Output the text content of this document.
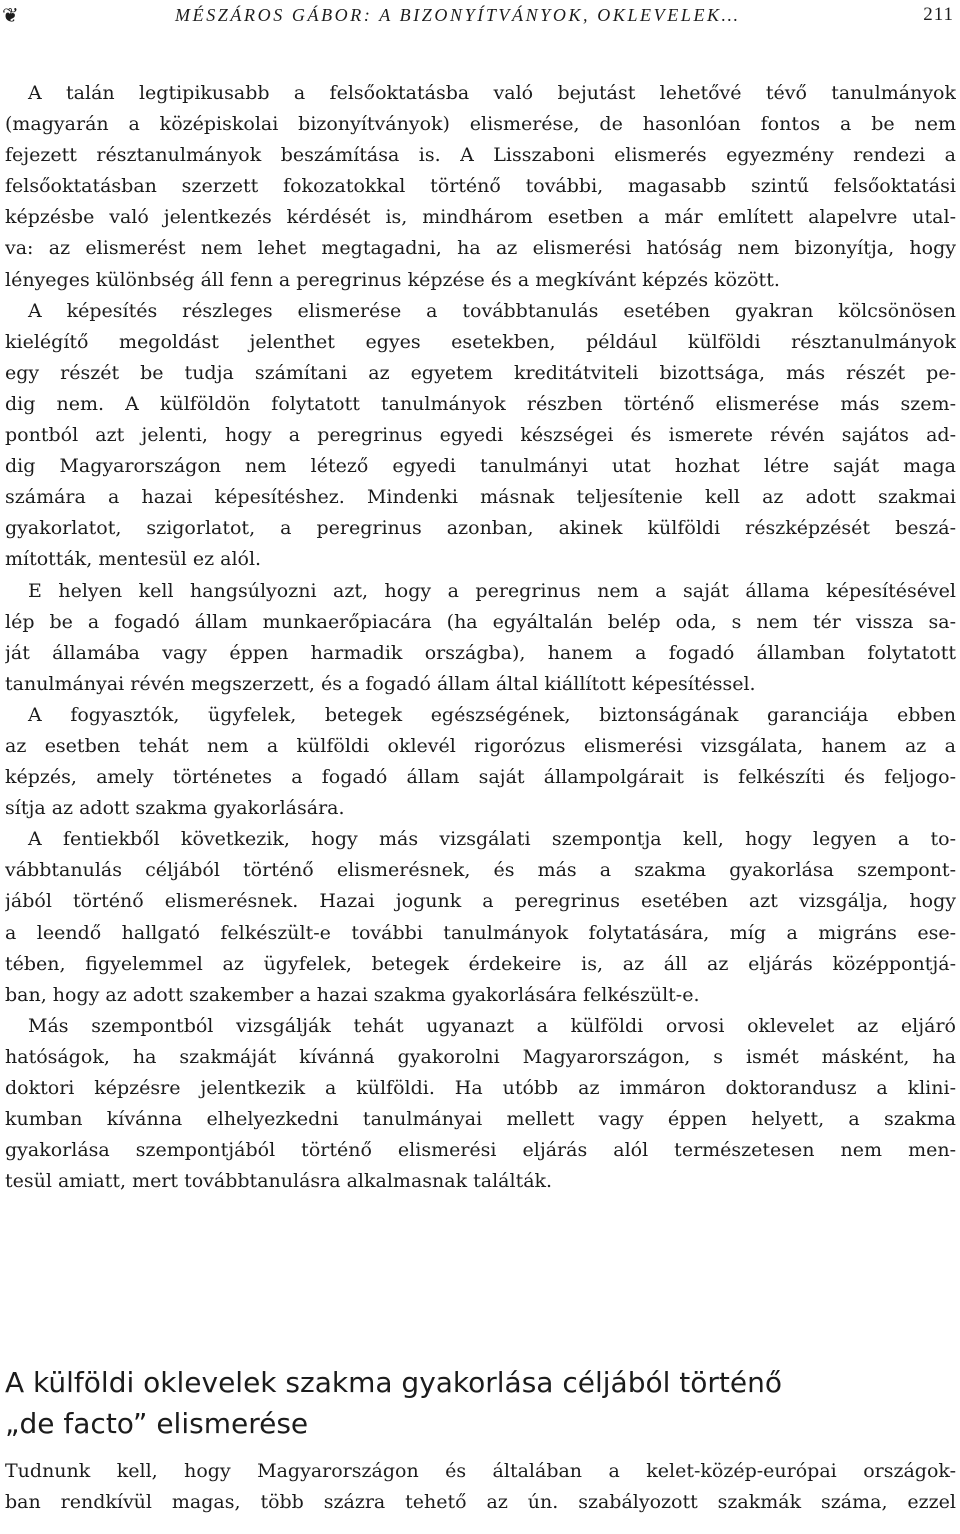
❦	MÉSZÁROS GÁBOR: A BIZONYÍTVÁNYOK, OKLEVELEK…	211
A talán legtipikusabb a felsőoktatásba való bejutást lehetővé tévő tanulmányok
(magyarán a középiskolai bizonyítványok) elismerése, de hasonlóan fontos a be nem
fejezett résztanulmányok beszámítása is. A Lisszaboni elismerés egyezmény rendezi a
felsőoktatásban szerzett fokozatokkal történő további, magasabb szintű felsőoktatási
képzésbe való jelentkezés kérdését is, mindhárom esetben a már említett alapelvre utal-
va: az elismerést nem lehet megtagadni, ha az elismerési hatóság nem bizonyítja, hogy
lényeges különbség áll fenn a peregrinus képzése és a megkívánt képzés között.
A képesítés részleges elismerése a továbbtanulás esetében gyakran kölcsönösen
kielégítő megoldást jelenthet egyes esetekben, például külföldi résztanulmányok
egy részét be tudja számítani az egyetem kreditátviteli bizottsága, más részét pe-
dig nem. A külföldön folytatott tanulmányok részben történő elismerése más szem-
pontból azt jelenti, hogy a peregrinus egyedi készségei és ismerete révén sajátos ad-
dig Magyarországon nem létező egyedi tanulmányi utat hozhat létre saját maga
számára a hazai képesítéshez. Mindenki másnak teljesítenie kell az adott szakmai
gyakorlatot, szigorlatot, a peregrinus azonban, akinek külföldi részképzését beszá-
mították, mentesül ez alól.
E helyen kell hangsúlyozni azt, hogy a peregrinus nem a saját állama képesítésével
lép be a fogadó állam munkaerőpiacára (ha egyáltalán belép oda, s nem tér vissza sa-
ját államába vagy éppen harmadik országba), hanem a fogadó államban folytatott
tanulmányai révén megszerzett, és a fogadó állam által kiállított képesítéssel.
A fogyasztók, ügyfelek, betegek egészségének, biztonságának garanciája ebben
az esetben tehát nem a külföldi oklevél rigorózus elismerési vizsgálata, hanem az a
képzés, amely történetes a fogadó állam saját állampolgárait is felkészíti és feljogo-
sítja az adott szakma gyakorlására.
A fentiekből következik, hogy más vizsgálati szempontja kell, hogy legyen a to-
vábbtanulás céljából történő elismerésnek, és más a szakma gyakorlása szempont-
jából történő elismerésnek. Hazai jogunk a peregrinus esetében azt vizsgálja, hogy
a leendő hallgató felkészült-e további tanulmányok folytatására, míg a migráns ese-
tében, figyelemmel az ügyfelek, betegek érdekeire is, az áll az eljárás középpontjá-
ban, hogy az adott szakember a hazai szakma gyakorlására felkészült-e.
Más szempontból vizsgálják tehát ugyanazt a külföldi orvosi oklevelet az eljáró
hatóságok, ha szakmáját kívánná gyakorolni Magyarországon, s ismét másként, ha
doktori képzésre jelentkezik a külföldi. Ha utóbb az immáron doktorandusz a klini-
kumban kívánna elhelyezkedni tanulmányai mellett vagy éppen helyett, a szakma
gyakorlása szempontjából történő elismerési eljárás alól természetesen nem men-
tesül amiatt, mert továbbtanulásra alkalmasnak találták.
A külföldi oklevelek szakma gyakorlása céljából történő
„de facto” elismerése
Tudnunk kell, hogy Magyarországon és általában a kelet-közép-európai országok-
ban rendkívül magas, több százra tehető az ún. szabályozott szakmák száma, ezzel
